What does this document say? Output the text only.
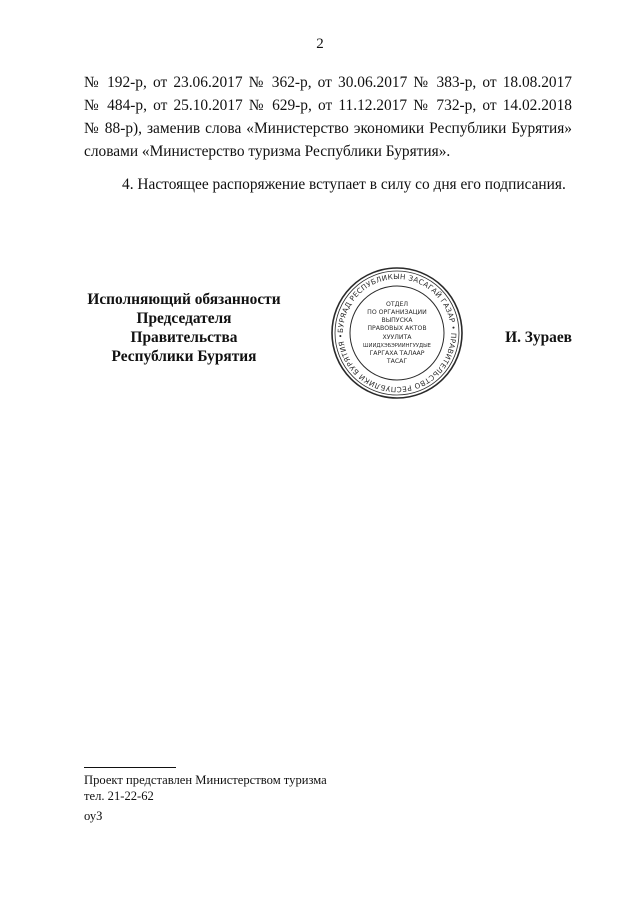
2
№ 192-р, от 23.06.2017 № 362-р, от 30.06.2017 № 383-р, от 18.08.2017
№ 484-р, от 25.10.2017 № 629-р, от 11.12.2017 № 732-р, от 14.02.2018
№ 88-р), заменив слова «Министерство экономики Республики Бурятия»
словами «Министерство туризма Республики Бурятия».
4. Настоящее распоряжение вступает в силу со дня его подписания.
Исполняющий обязанности
Председателя Правительства
Республики Бурятия
БУРЯАД РЕСПУБЛИКЫН ЗАСАГАЙ ГАЗАР • ПРАВИТЕЛЬСТВО РЕСПУБЛИКИ БУРЯТИЯ •
ОТДЕЛ
ПО ОРГАНИЗАЦИИ
ВЫПУСКА
ПРАВОВЫХ АКТОВ
ХУУЛИТА
ШИИДХЭБЭРИИНГУУДЫЕ
ГАРГАХА ТАЛААР
ТАСАГ
И. Зураев
Проект представлен Министерством туризма
тел. 21-22-62
оуЗ
